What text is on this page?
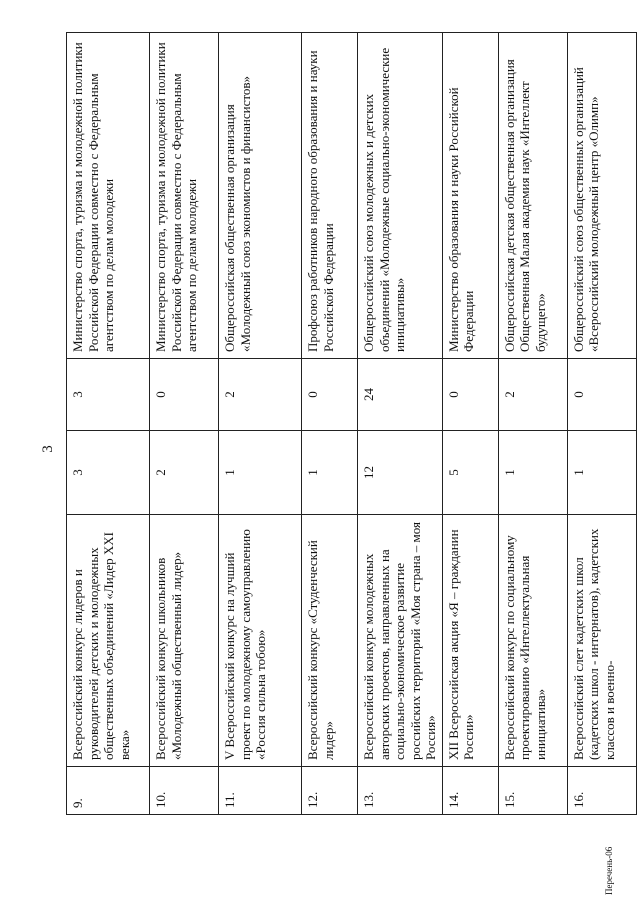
3
9.	Всероссийский конкурс лидеров и руководителей детских и молодежных общественных объединений «Лидер XXI века»	3	3	Министерство спорта, туризма и молодежной политики Российской Федерации совместно с Федеральным агентством по делам молодежи
10.	Всероссийский конкурс школьников «Молодежный общественный лидер»	2	0	Министерство спорта, туризма и молодежной политики Российской Федерации совместно с Федеральным агентством по делам молодежи
11.	V Всероссийский конкурс на лучший проект по молодежному самоуправлению «Россия сильна тобою»	1	2	Общероссийская общественная организация «Молодежный союз экономистов и финансистов»
12.	Всероссийский конкурс «Студенческий лидер»	1	0	Профсоюз работников народного образования и науки Российской Федерации
13.	Всероссийский конкурс молодежных авторских проектов, направленных на социально-экономическое развитие российских территорий «Моя страна – моя Россия»	12	24	Общероссийский союз молодежных и детских объединений «Молодежные социально-экономические инициативы»
14.	XII Всероссийская акция «Я – гражданин России»	5	0	Министерство образования и науки Российской Федерации
15.	Всероссийский конкурс по социальному проектированию «Интеллектуальная инициатива»	1	2	Общероссийская детская общественная организация Общественная Малая академия наук «Интеллект будущего»
16.	Всероссийский слет кадетских школ (кадетских школ - интернатов), кадетских классов и военно-	1	0	Общероссийский союз общественных организаций «Всероссийский молодежный центр «Олимп»
Перечень-06
